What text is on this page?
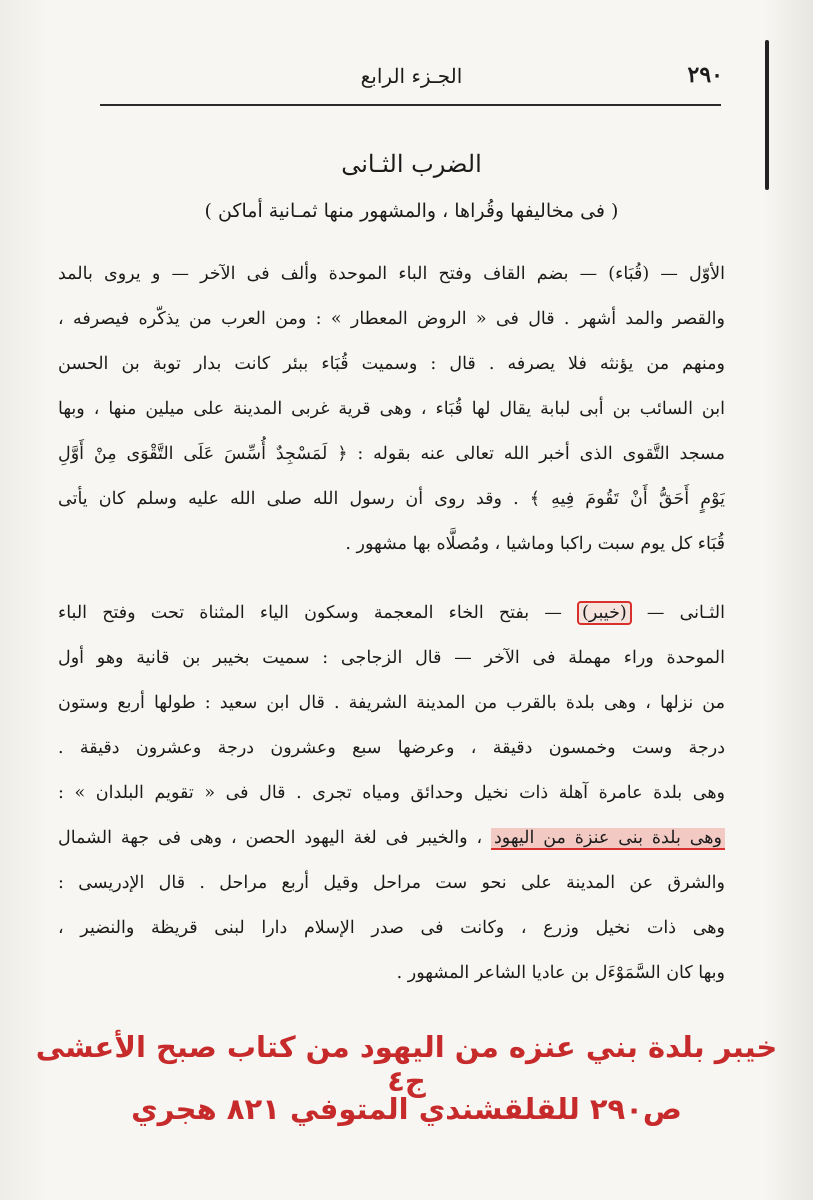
٢٩٠
الجـزء الرابع
الضرب الثـانى
( فى مخاليفها وقُراها ، والمشهور منها ثمـانية أماكن )
الأوّل — (قُبَاء) — بضم القاف وفتح الباء الموحدة وألف فى الآخر — و يروى بالمد
والقصر والمد أشهر . قال فى « الروض المعطار » : ومن العرب من يذكّره فيصرفه ،
ومنهم من يؤنثه فلا يصرفه . قال : وسميت قُبَاء ببئر كانت بدار توبة بن الحسن
ابن السائب بن أبى لبابة يقال لها قُبَاء ، وهى قرية غربى المدينة على ميلين منها ، وبها
مسجد التَّقوى الذى أخبر الله تعالى عنه بقوله : ﴿ لَمَسْجِدٌ أُسِّسَ عَلَى التَّقْوَى مِنْ أَوَّلِ
يَوْمٍ أَحَقُّ أَنْ تَقُومَ فِيهِ ﴾ . وقد روى أن رسول الله صلى الله عليه وسلم كان يأتى
قُبَاء كل يوم سبت راكبا وماشيا ، ومُصلَّاه بها مشهور .
الثـانى — (خيبر) — بفتح الخاء المعجمة وسكون الياء المثناة تحت وفتح الباء
الموحدة وراء مهملة فى الآخر — قال الزجاجى : سميت بخيبر بن قانية وهو أول
من نزلها ، وهى بلدة بالقرب من المدينة الشريفة . قال ابن سعيد : طولها أربع وستون
درجة وست وخمسون دقيقة ، وعرضها سبع وعشرون درجة وعشرون دقيقة .
وهى بلدة عامرة آهلة ذات نخيل وحدائق ومياه تجرى . قال فى « تقويم البلدان » :
وهى بلدة بنى عنزة من اليهود ، والخيبر فى لغة اليهود الحصن ، وهى فى جهة الشمال
والشرق عن المدينة على نحو ست مراحل وقيل أربع مراحل . قال الإدريسى :
وهى ذات نخيل وزرع ، وكانت فى صدر الإسلام دارا لبنى قريظة والنضير ،
وبها كان السَّمَوْءَل بن عاديا الشاعر المشهور .
خيبر بلدة بني عنزه من اليهود من كتاب صبح الأعشى ج٤
ص٢٩٠ للقلقشندي المتوفي ٨٢١ هجري
